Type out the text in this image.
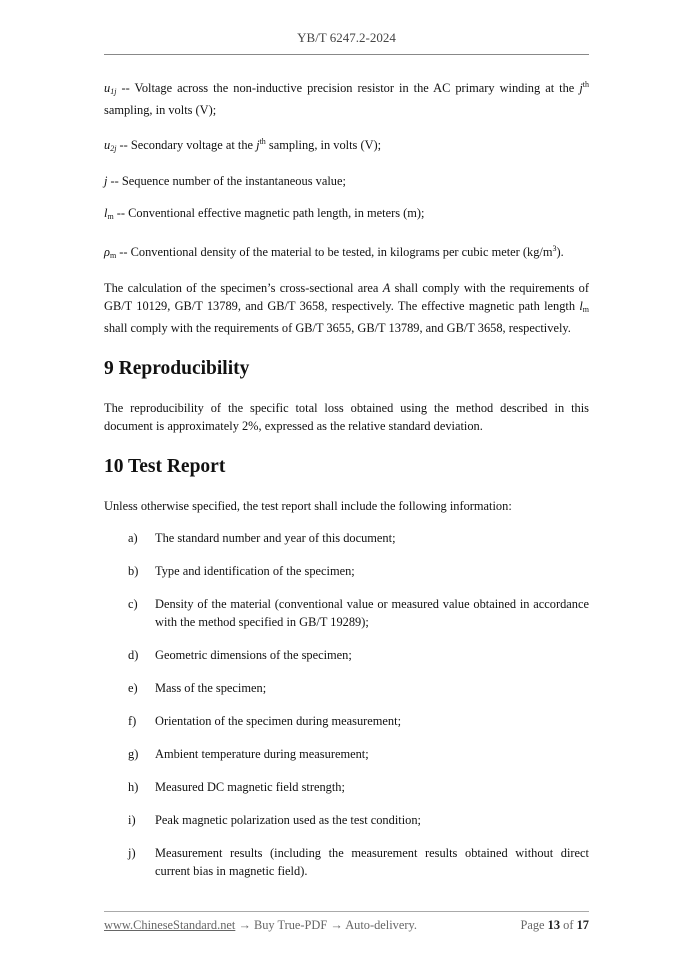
YB/T 6247.2-2024

$u_{1j}$ -- Voltage across the non-inductive precision resistor in the AC primary winding at the $j^{th}$ sampling, in volts (V);

$u_{2j}$ -- Secondary voltage at the $j^{th}$ sampling, in volts (V);

j -- Sequence number of the instantaneous value;

$l_m$ -- Conventional effective magnetic path length, in meters (m);

$\rho_m$ -- Conventional density of the material to be tested, in kilograms per cubic meter $(kg/m^3)$.

The calculation of the specimen’s cross-sectional area A shall comply with the requirements of GB/T 10129, GB/T 13789, and GB/T 3658, respectively. The effective magnetic path length $l_m$ shall comply with the requirements of GB/T 3655, GB/T 13789, and GB/T 3658, respectively.

9 Reproducibility

The reproducibility of the specific total loss obtained using the method described in this document is approximately 2%, expressed as the relative standard deviation.

10 Test Report

Unless otherwise specified, the test report shall include the following information:

a)	The standard number and year of this document;
b)	Type and identification of the specimen;
c)	Density of the material (conventional value or measured value obtained in accordance with the method specified in GB/T 19289);
d)	Geometric dimensions of the specimen;
e)	Mass of the specimen;
f)	Orientation of the specimen during measurement;
g)	Ambient temperature during measurement;
h)	Measured DC magnetic field strength;
i)	Peak magnetic polarization used as the test condition;
j)	Measurement results (including the measurement results obtained without direct current bias in magnetic field).
www.ChineseStandard.net → Buy True-PDF → Auto-delivery.	Page 13 of 17
